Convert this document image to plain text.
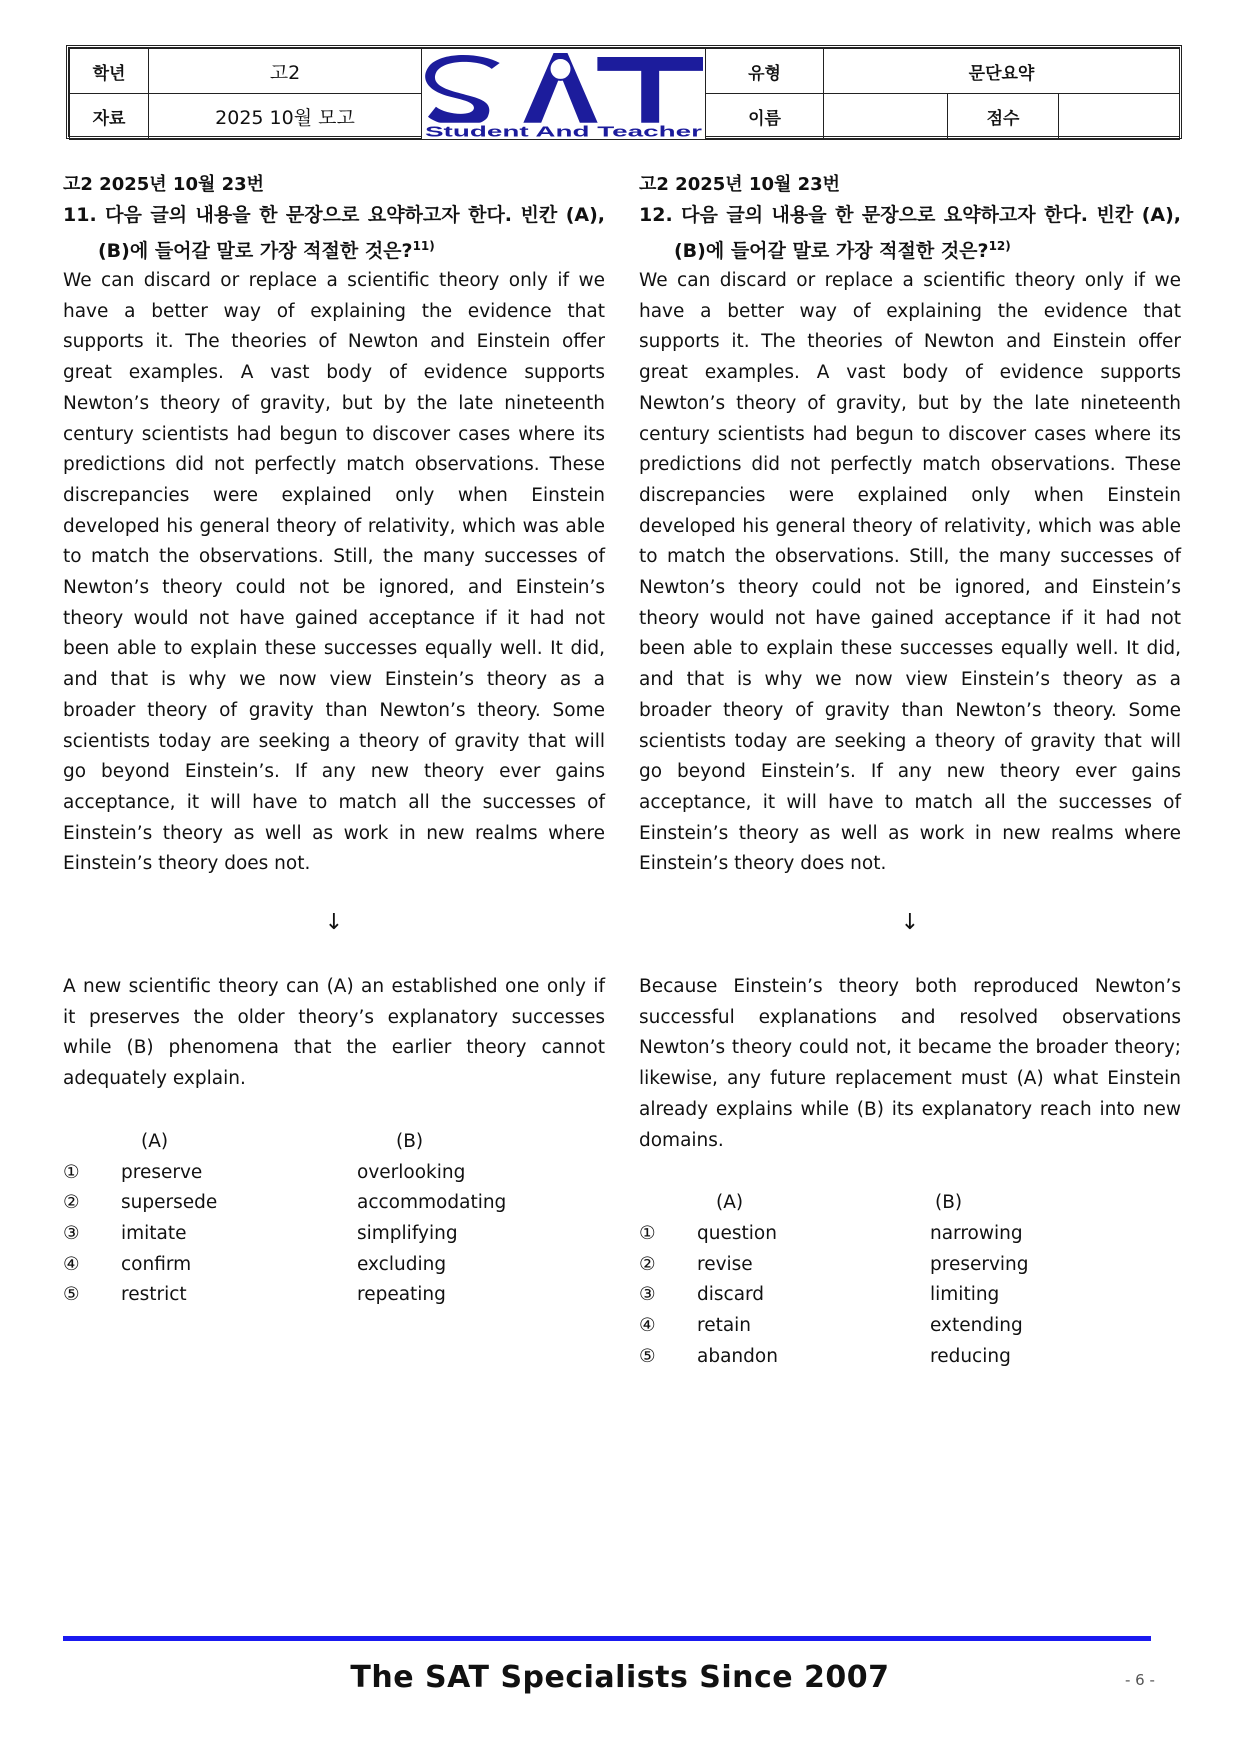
학년	고2	Student And Teacher	유형	문단요약		
자료	2025 10월 모고		이름		점수	
고2 2025년 10월 23번
11. 다음 글의 내용을 한 문장으로 요약하고자 한다. 빈칸 (A), (B)에 들어갈 말로 가장 적절한 것은?$^{11)}$
We can discard or replace a scientific theory only if we have a better way of explaining the evidence that supports it. The theories of Newton and Einstein offer great examples. A vast body of evidence supports Newton’s theory of gravity, but by the late nineteenth century scientists had begun to discover cases where its predictions did not perfectly match observations. These discrepancies were explained only when Einstein developed his general theory of relativity, which was able to match the observations. Still, the many successes of Newton’s theory could not be ignored, and Einstein’s theory would not have gained acceptance if it had not been able to explain these successes equally well. It did, and that is why we now view Einstein’s theory as a broader theory of gravity than Newton’s theory. Some scientists today are seeking a theory of gravity that will go beyond Einstein’s. If any new theory ever gains acceptance, it will have to match all the successes of Einstein’s theory as well as work in new realms where Einstein’s theory does not.
↓
A new scientific theory can (A) an established one only if it preserves the older theory’s explanatory successes while (B) phenomena that the earlier theory cannot adequately explain.
(A)	(B)
① preserve	overlooking
② supersede	accommodating
③ imitate	simplifying
④ confirm	excluding
⑤ restrict	repeating
고2 2025년 10월 23번
12. 다음 글의 내용을 한 문장으로 요약하고자 한다. 빈칸 (A), (B)에 들어갈 말로 가장 적절한 것은?$^{12)}$
We can discard or replace a scientific theory only if we have a better way of explaining the evidence that supports it. The theories of Newton and Einstein offer great examples. A vast body of evidence supports Newton’s theory of gravity, but by the late nineteenth century scientists had begun to discover cases where its predictions did not perfectly match observations. These discrepancies were explained only when Einstein developed his general theory of relativity, which was able to match the observations. Still, the many successes of Newton’s theory could not be ignored, and Einstein’s theory would not have gained acceptance if it had not been able to explain these successes equally well. It did, and that is why we now view Einstein’s theory as a broader theory of gravity than Newton’s theory. Some scientists today are seeking a theory of gravity that will go beyond Einstein’s. If any new theory ever gains acceptance, it will have to match all the successes of Einstein’s theory as well as work in new realms where Einstein’s theory does not.
↓
Because Einstein’s theory both reproduced Newton’s successful explanations and resolved observations Newton’s theory could not, it became the broader theory; likewise, any future replacement must (A) what Einstein already explains while (B) its explanatory reach into new domains.
(A)	(B)
① question	narrowing
② revise	preserving
③ discard	limiting
④ retain	extending
⑤ abandon	reducing
The SAT Specialists Since 2007	- 6 -
